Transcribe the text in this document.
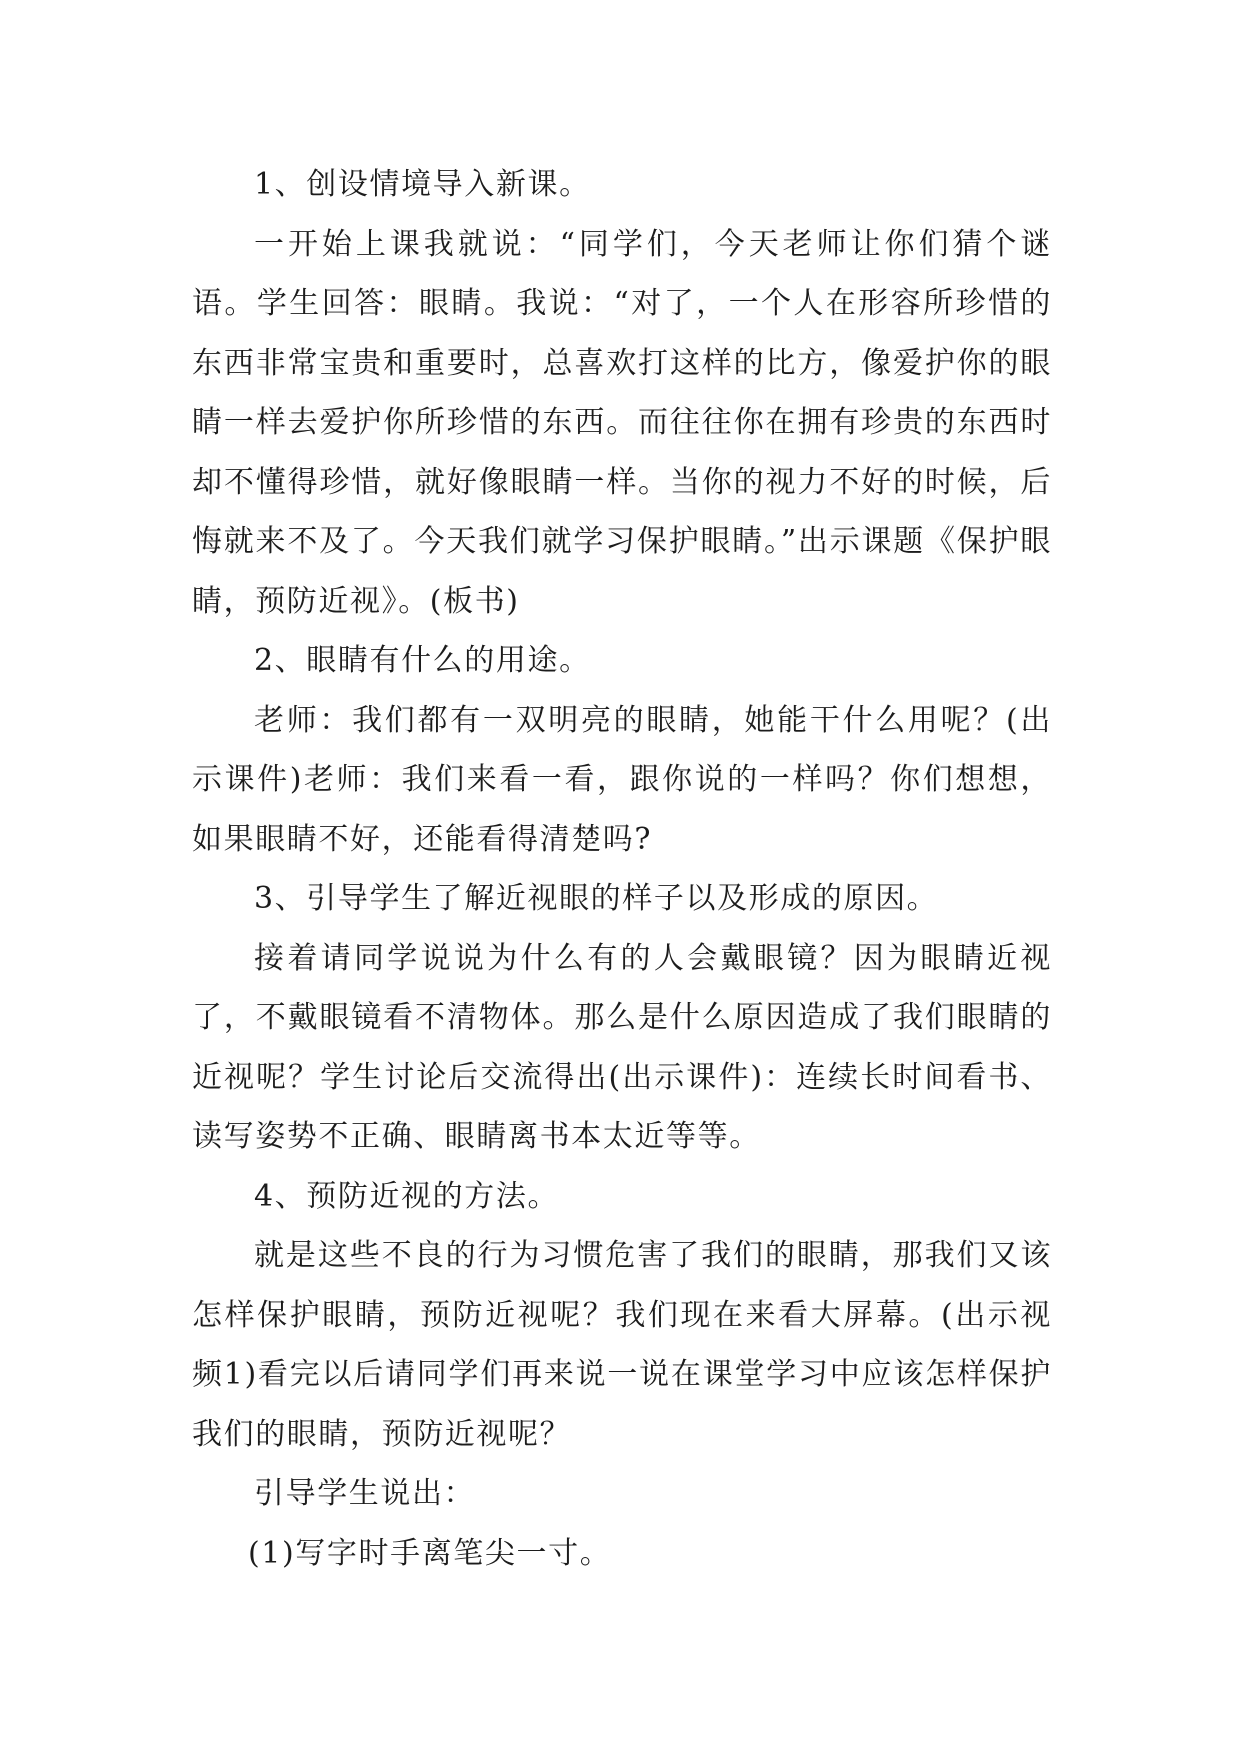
1、创设情境导入新课。

一开始上课我就说：“同学们，今天老师让你们猜个谜语。学生回答：眼睛。我说：“对了，一个人在形容所珍惜的东西非常宝贵和重要时，总喜欢打这样的比方，像爱护你的眼睛一样去爱护你所珍惜的东西。而往往你在拥有珍贵的东西时却不懂得珍惜，就好像眼睛一样。当你的视力不好的时候，后悔就来不及了。今天我们就学习保护眼睛。”出示课题《保护眼睛，预防近视》。(板书)

2、眼睛有什么的用途。

老师：我们都有一双明亮的眼睛，她能干什么用呢？(出示课件)老师：我们来看一看，跟你说的一样吗？你们想想，如果眼睛不好，还能看得清楚吗?

3、引导学生了解近视眼的样子以及形成的原因。

接着请同学说说为什么有的人会戴眼镜？因为眼睛近视了，不戴眼镜看不清物体。那么是什么原因造成了我们眼睛的近视呢？学生讨论后交流得出(出示课件)：连续长时间看书、读写姿势不正确、眼睛离书本太近等等。

4、预防近视的方法。

就是这些不良的行为习惯危害了我们的眼睛，那我们又该怎样保护眼睛，预防近视呢？我们现在来看大屏幕。(出示视频1)看完以后请同学们再来说一说在课堂学习中应该怎样保护我们的眼睛，预防近视呢？

引导学生说出：

(1)写字时手离笔尖一寸。
